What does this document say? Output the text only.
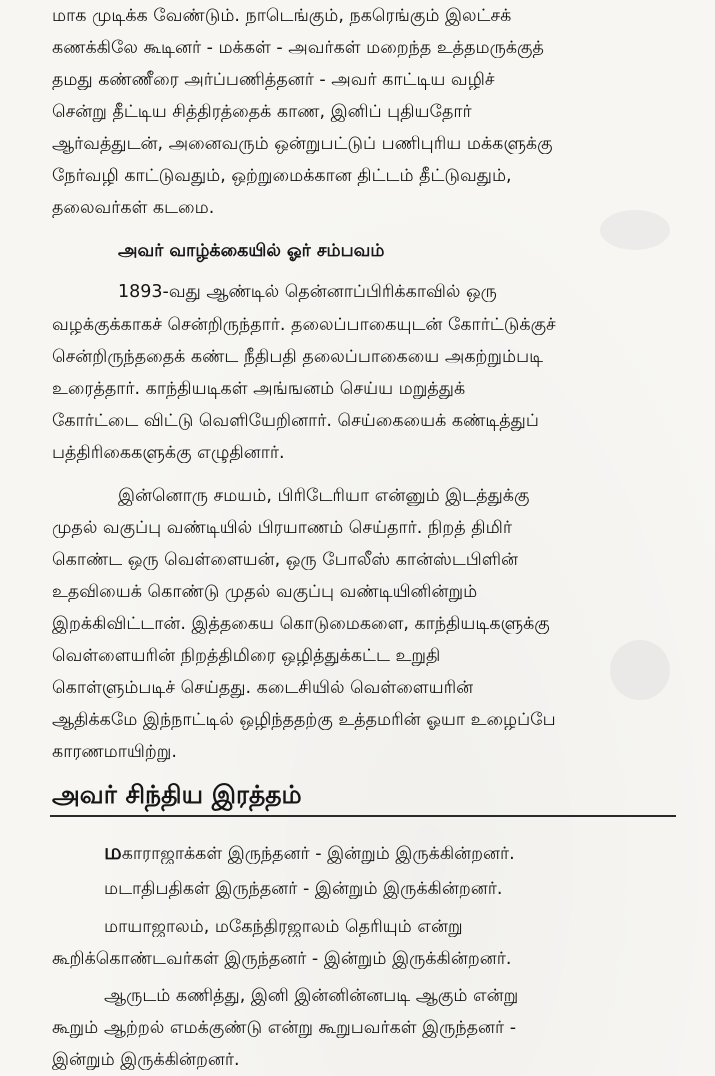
மாக முடிக்க வேண்டும். நாடெங்கும், நகரெங்கும் இலட்சக்
கணக்கிலே கூடினர் - மக்கள் - அவர்கள் மறைந்த உத்தமருக்குத்
தமது கண்ணீரை அர்ப்பணித்தனர் - அவர் காட்டிய வழிச்
சென்று தீட்டிய சித்திரத்தைக் காண, இனிப் புதியதோர்
ஆர்வத்துடன், அனைவரும் ஒன்றுபட்டுப் பணிபுரிய மக்களுக்கு
நேர்வழி காட்டுவதும், ஒற்றுமைக்கான திட்டம் தீட்டுவதும்,
தலைவர்கள் கடமை.
அவர் வாழ்க்கையில் ஓர் சம்பவம்
1893-வது ஆண்டில் தென்னாப்பிரிக்காவில் ஒரு
வழக்குக்காகச் சென்றிருந்தார். தலைப்பாகையுடன் கோர்ட்டுக்குச்
சென்றிருந்ததைக் கண்ட நீதிபதி தலைப்பாகையை அகற்றும்படி
உரைத்தார். காந்தியடிகள் அங்ஙனம் செய்ய மறுத்துக்
கோர்ட்டை விட்டு வெளியேறினார். செய்கையைக் கண்டித்துப்
பத்திரிகைகளுக்கு எழுதினார்.
இன்னொரு சமயம், பிரிடேரியா என்னும் இடத்துக்கு
முதல் வகுப்பு வண்டியில் பிரயாணம் செய்தார். நிறத் திமிர்
கொண்ட ஒரு வெள்ளையன், ஒரு போலீஸ் கான்ஸ்டபிளின்
உதவியைக் கொண்டு முதல் வகுப்பு வண்டியினின்றும்
இறக்கிவிட்டான். இத்தகைய கொடுமைகளை, காந்தியடிகளுக்கு
வெள்ளையரின் நிறத்திமிரை ஒழித்துக்கட்ட உறுதி
கொள்ளும்படிச் செய்தது. கடைசியில் வெள்ளையரின்
ஆதிக்கமே இந்நாட்டில் ஒழிந்ததற்கு உத்தமரின் ஓயா உழைப்பே
காரணமாயிற்று.
அவர் சிந்திய இரத்தம்
மகாராஜாக்கள் இருந்தனர் - இன்றும் இருக்கின்றனர்.
மடாதிபதிகள் இருந்தனர் - இன்றும் இருக்கின்றனர்.
மாயாஜாலம், மகேந்திரஜாலம் தெரியும் என்று
கூறிக்கொண்டவர்கள் இருந்தனர் - இன்றும் இருக்கின்றனர்.
ஆருடம் கணித்து, இனி இன்னின்னபடி ஆகும் என்று
கூறும் ஆற்றல் எமக்குண்டு என்று கூறுபவர்கள் இருந்தனர் -
இன்றும் இருக்கின்றனர்.
